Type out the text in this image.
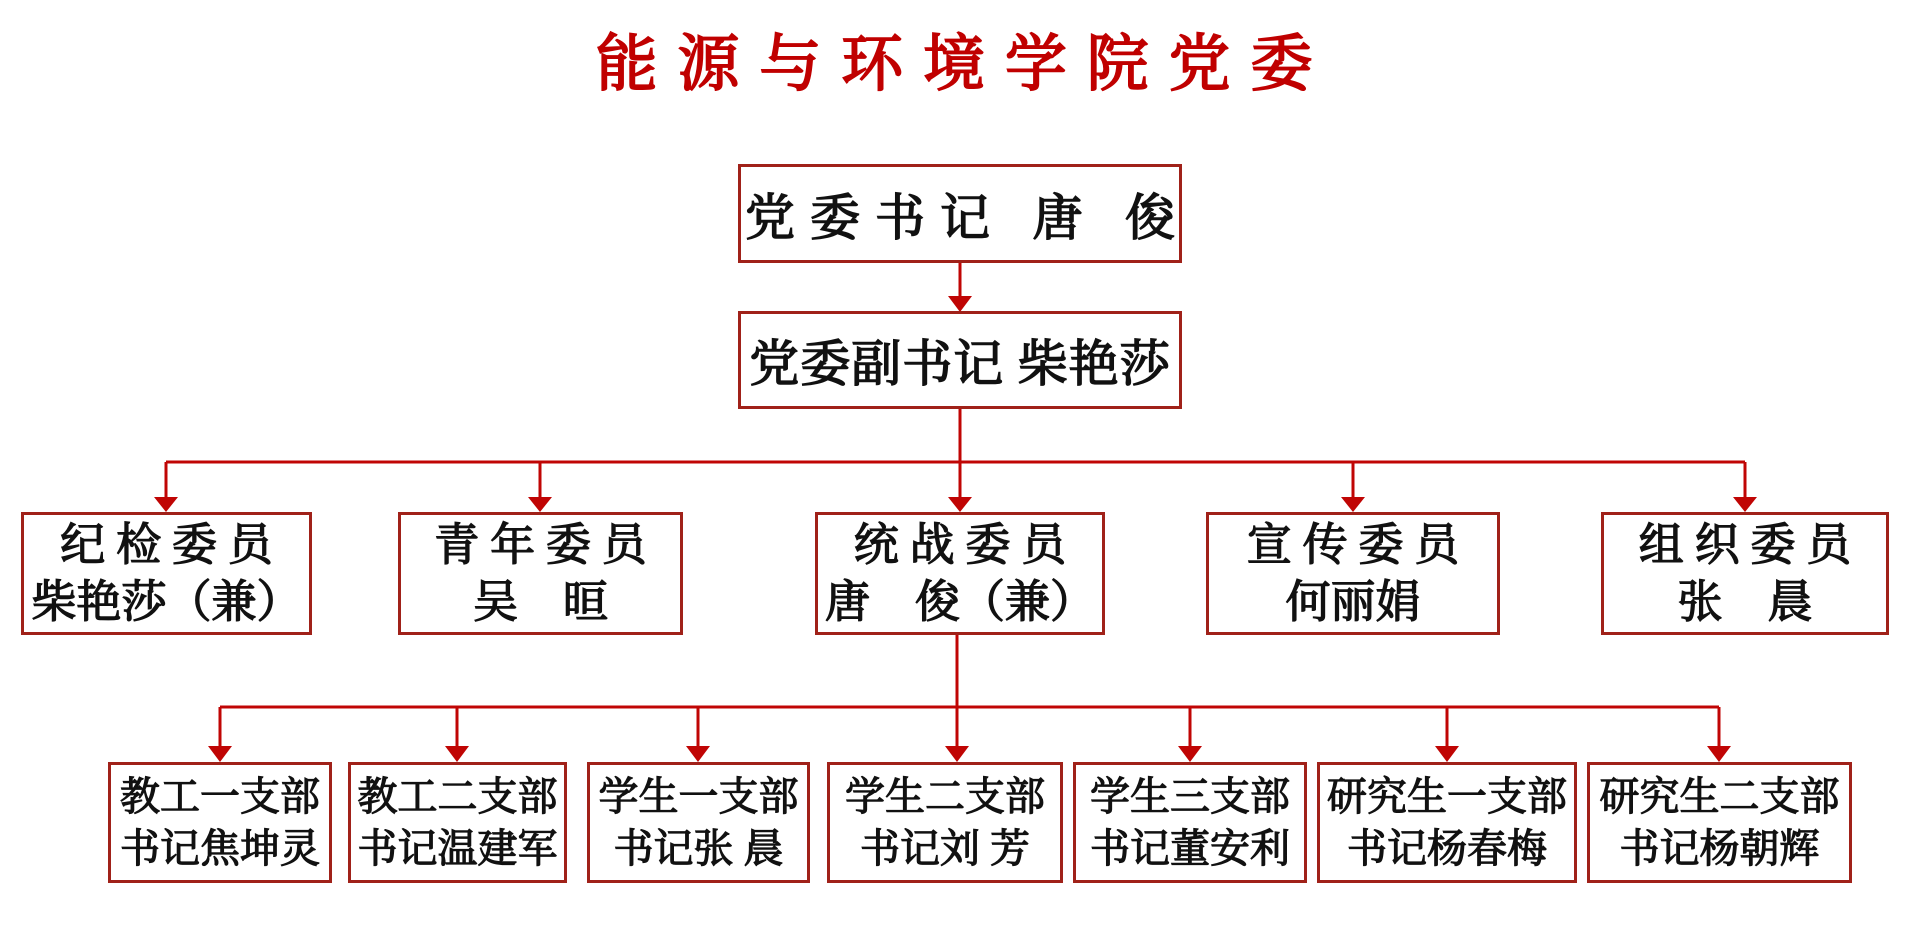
能源与环境学院党委
党委书记 唐 俊
党委副书记 柴艳莎
纪检委员
柴艳莎（兼）
青年委员
吴　晅
统战委员
唐　俊（兼）
宣传委员
何丽娟
组织委员
张　晨
教工一支部
书记焦坤灵
教工二支部
书记温建军
学生一支部
书记张 晨
学生二支部
书记刘 芳
学生三支部
书记董安利
研究生一支部
书记杨春梅
研究生二支部
书记杨朝辉
